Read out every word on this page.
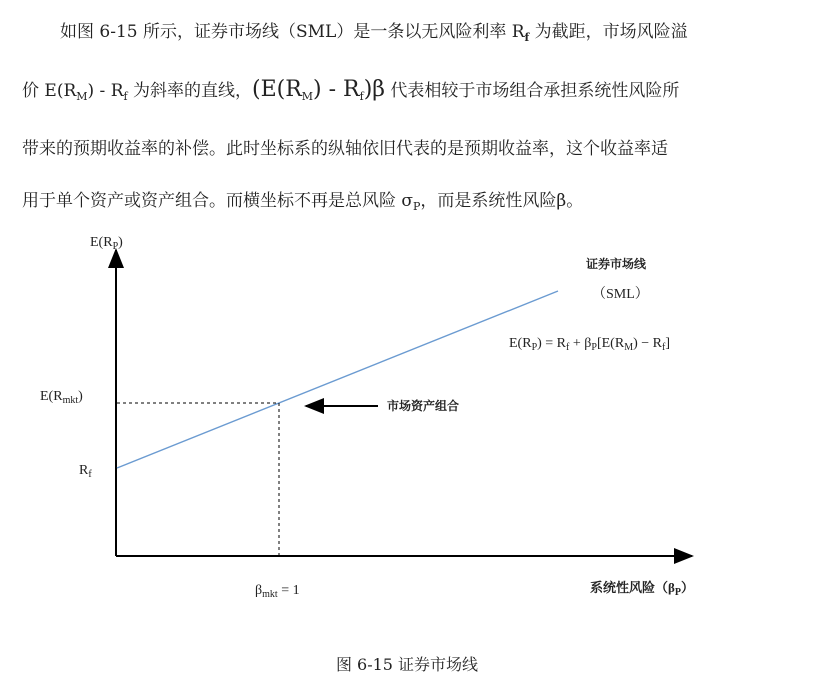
如图 6-15 所示，证券市场线（SML）是一条以无风险利率 $R_f$ 为截距，市场风险溢
价 $E(R_M) - R_f$ 为斜率的直线，$(E(R_M) - R_f)\beta$ 代表相较于市场组合承担系统性风险所
带来的预期收益率的补偿。此时坐标系的纵轴依旧代表的是预期收益率，这个收益率适
用于单个资产或资产组合。而横坐标不再是总风险 $\sigma_P$，而是系统性风险β。
$E(R_P)$
证券市场线
（SML）
$E(R_P) = R_f + \beta_P[E(R_M) - R_f]$
$E(R_{mkt})$
$R_f$
市场资产组合
$\beta_{mkt} = 1$	系统性风险$(\beta_P)$
图 6-15 证券市场线
